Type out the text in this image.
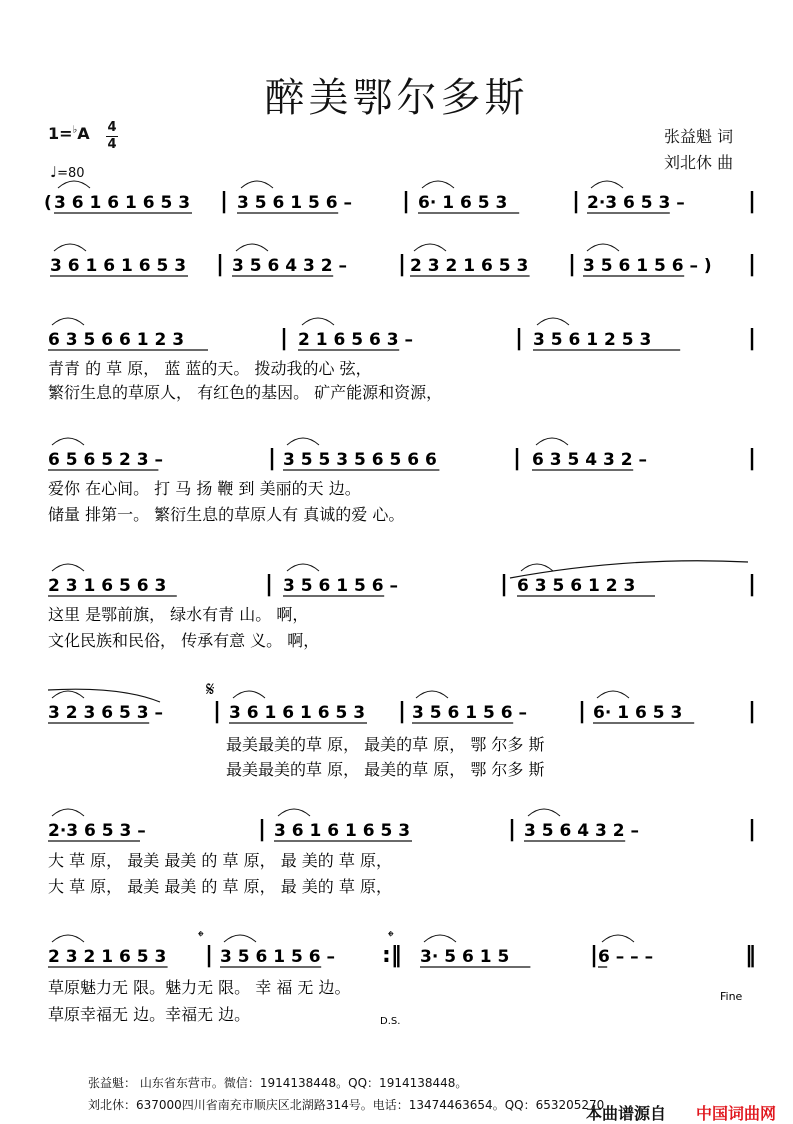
醉美鄂尔多斯
1=♭A 4
4
♩=80
张益魁 词
刘北休 曲
( 3 6 1 6 1 6 5 3 | 3 5 6 1 5 6 – | 6· 1 6 5 3	| 2·3 6 5 3 –	|
3 6 1 6 1 6 5 3 | 3 5 6 4 3 2 – | 2 3 2 1 6 5 3 | 3 5 6 1 5 6 – ) |
6 3 5 6 6 1 2 3	| 2 1 6 5 6 3 –	| 3 5 6 1 2 5 3	|
6 5 6 5 2 3 –	| 3 5 5 3 5 6 5 6 6	| 6 3 5 4 3 2 –	|
2 3 1 6 5 6 3	| 3 5 6 1 5 6 –	| 6 3 5 6 1 2 3	|
3 2 3 6 5 3 – | 3 6 1 6 1 6 5 3 | 3 5 6 1 5 6 – | 6· 1 6 5 3	|
2·3 6 5 3 –	| 3 6 1 6 1 6 5 3	| 3 5 6 4 3 2 –	|
2 3 2 1 6 5 3 | 3 5 6 1 5 6 – :‖ 3· 5 6 1 5	| 6 – – –	‖
青青 的 草 原， 蓝 蓝的天。 拨动我的心 弦，
繁衍生息的草原人， 有红色的基因。 矿产能源和资源，
爱你 在心间。 打 马 扬 鞭 到 美丽的天 边。
储量 排第一。 繁衍生息的草原人有 真诚的爱 心。
这里 是鄂前旗， 绿水有青 山。 啊，
文化民族和民俗， 传承有意 义。 啊，
最美最美的草 原， 最美的草 原， 鄂 尔多 斯
最美最美的草 原， 最美的草 原， 鄂 尔多 斯
大 草 原， 最美 最美 的 草 原， 最 美的 草 原，
大 草 原， 最美 最美 的 草 原， 最 美的 草 原，
草原魅力无 限。魅力无 限。 幸 福 无 边。
草原幸福无 边。幸福无 边。
𝄋
𝄌	𝄌
Fine
D.S.
张益魁： 山东省东营市。微信：1914138448。QQ：1914138448。
刘北休：637000四川省南充市顺庆区北湖路314号。电话：13474463654。QQ：653205270
本曲谱源自 中国词曲网
